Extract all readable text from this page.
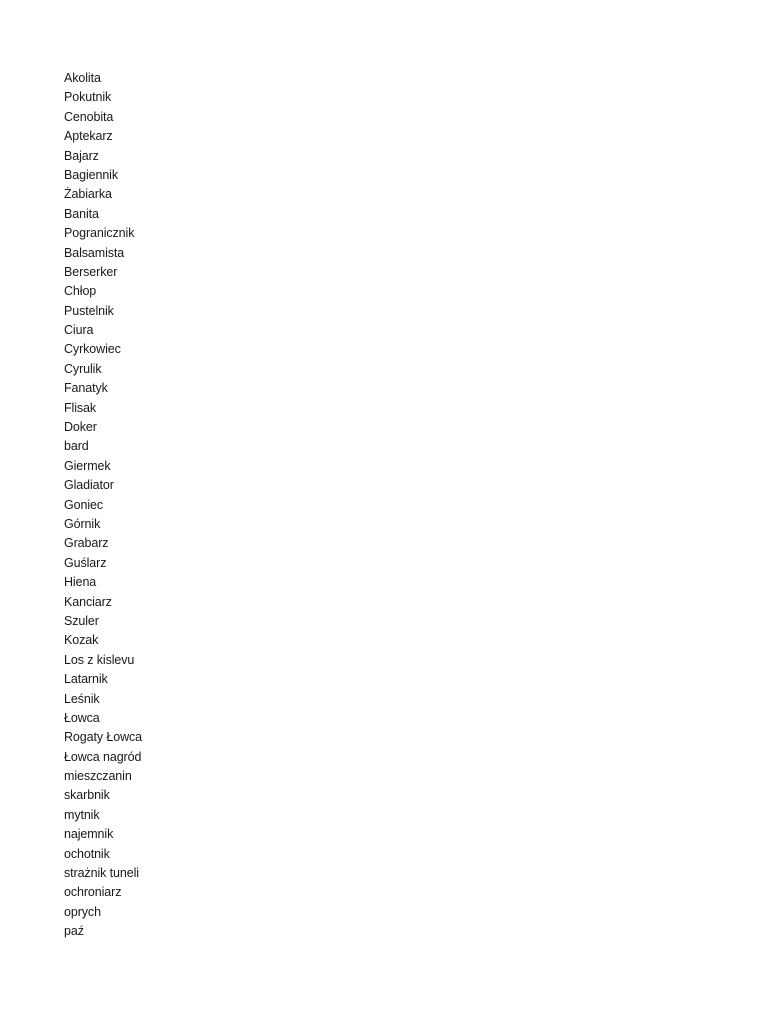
Akolita
Pokutnik
Cenobita
Aptekarz
Bajarz
Bagiennik
Żabiarka
Banita
Pogranicznik
Balsamista
Berserker
Chłop
Pustelnik
Ciura
Cyrkowiec
Cyrulik
Fanatyk
Flisak
Doker
bard
Giermek
Gladiator
Goniec
Górnik
Grabarz
Guślarz
Hiena
Kanciarz
Szuler
Kozak
Los z kislevu
Latarnik
Leśnik
Łowca
Rogaty Łowca
Łowca nagród
mieszczanin
skarbnik
mytnik
najemnik
ochotnik
strażnik tuneli
ochroniarz
oprych
paź
